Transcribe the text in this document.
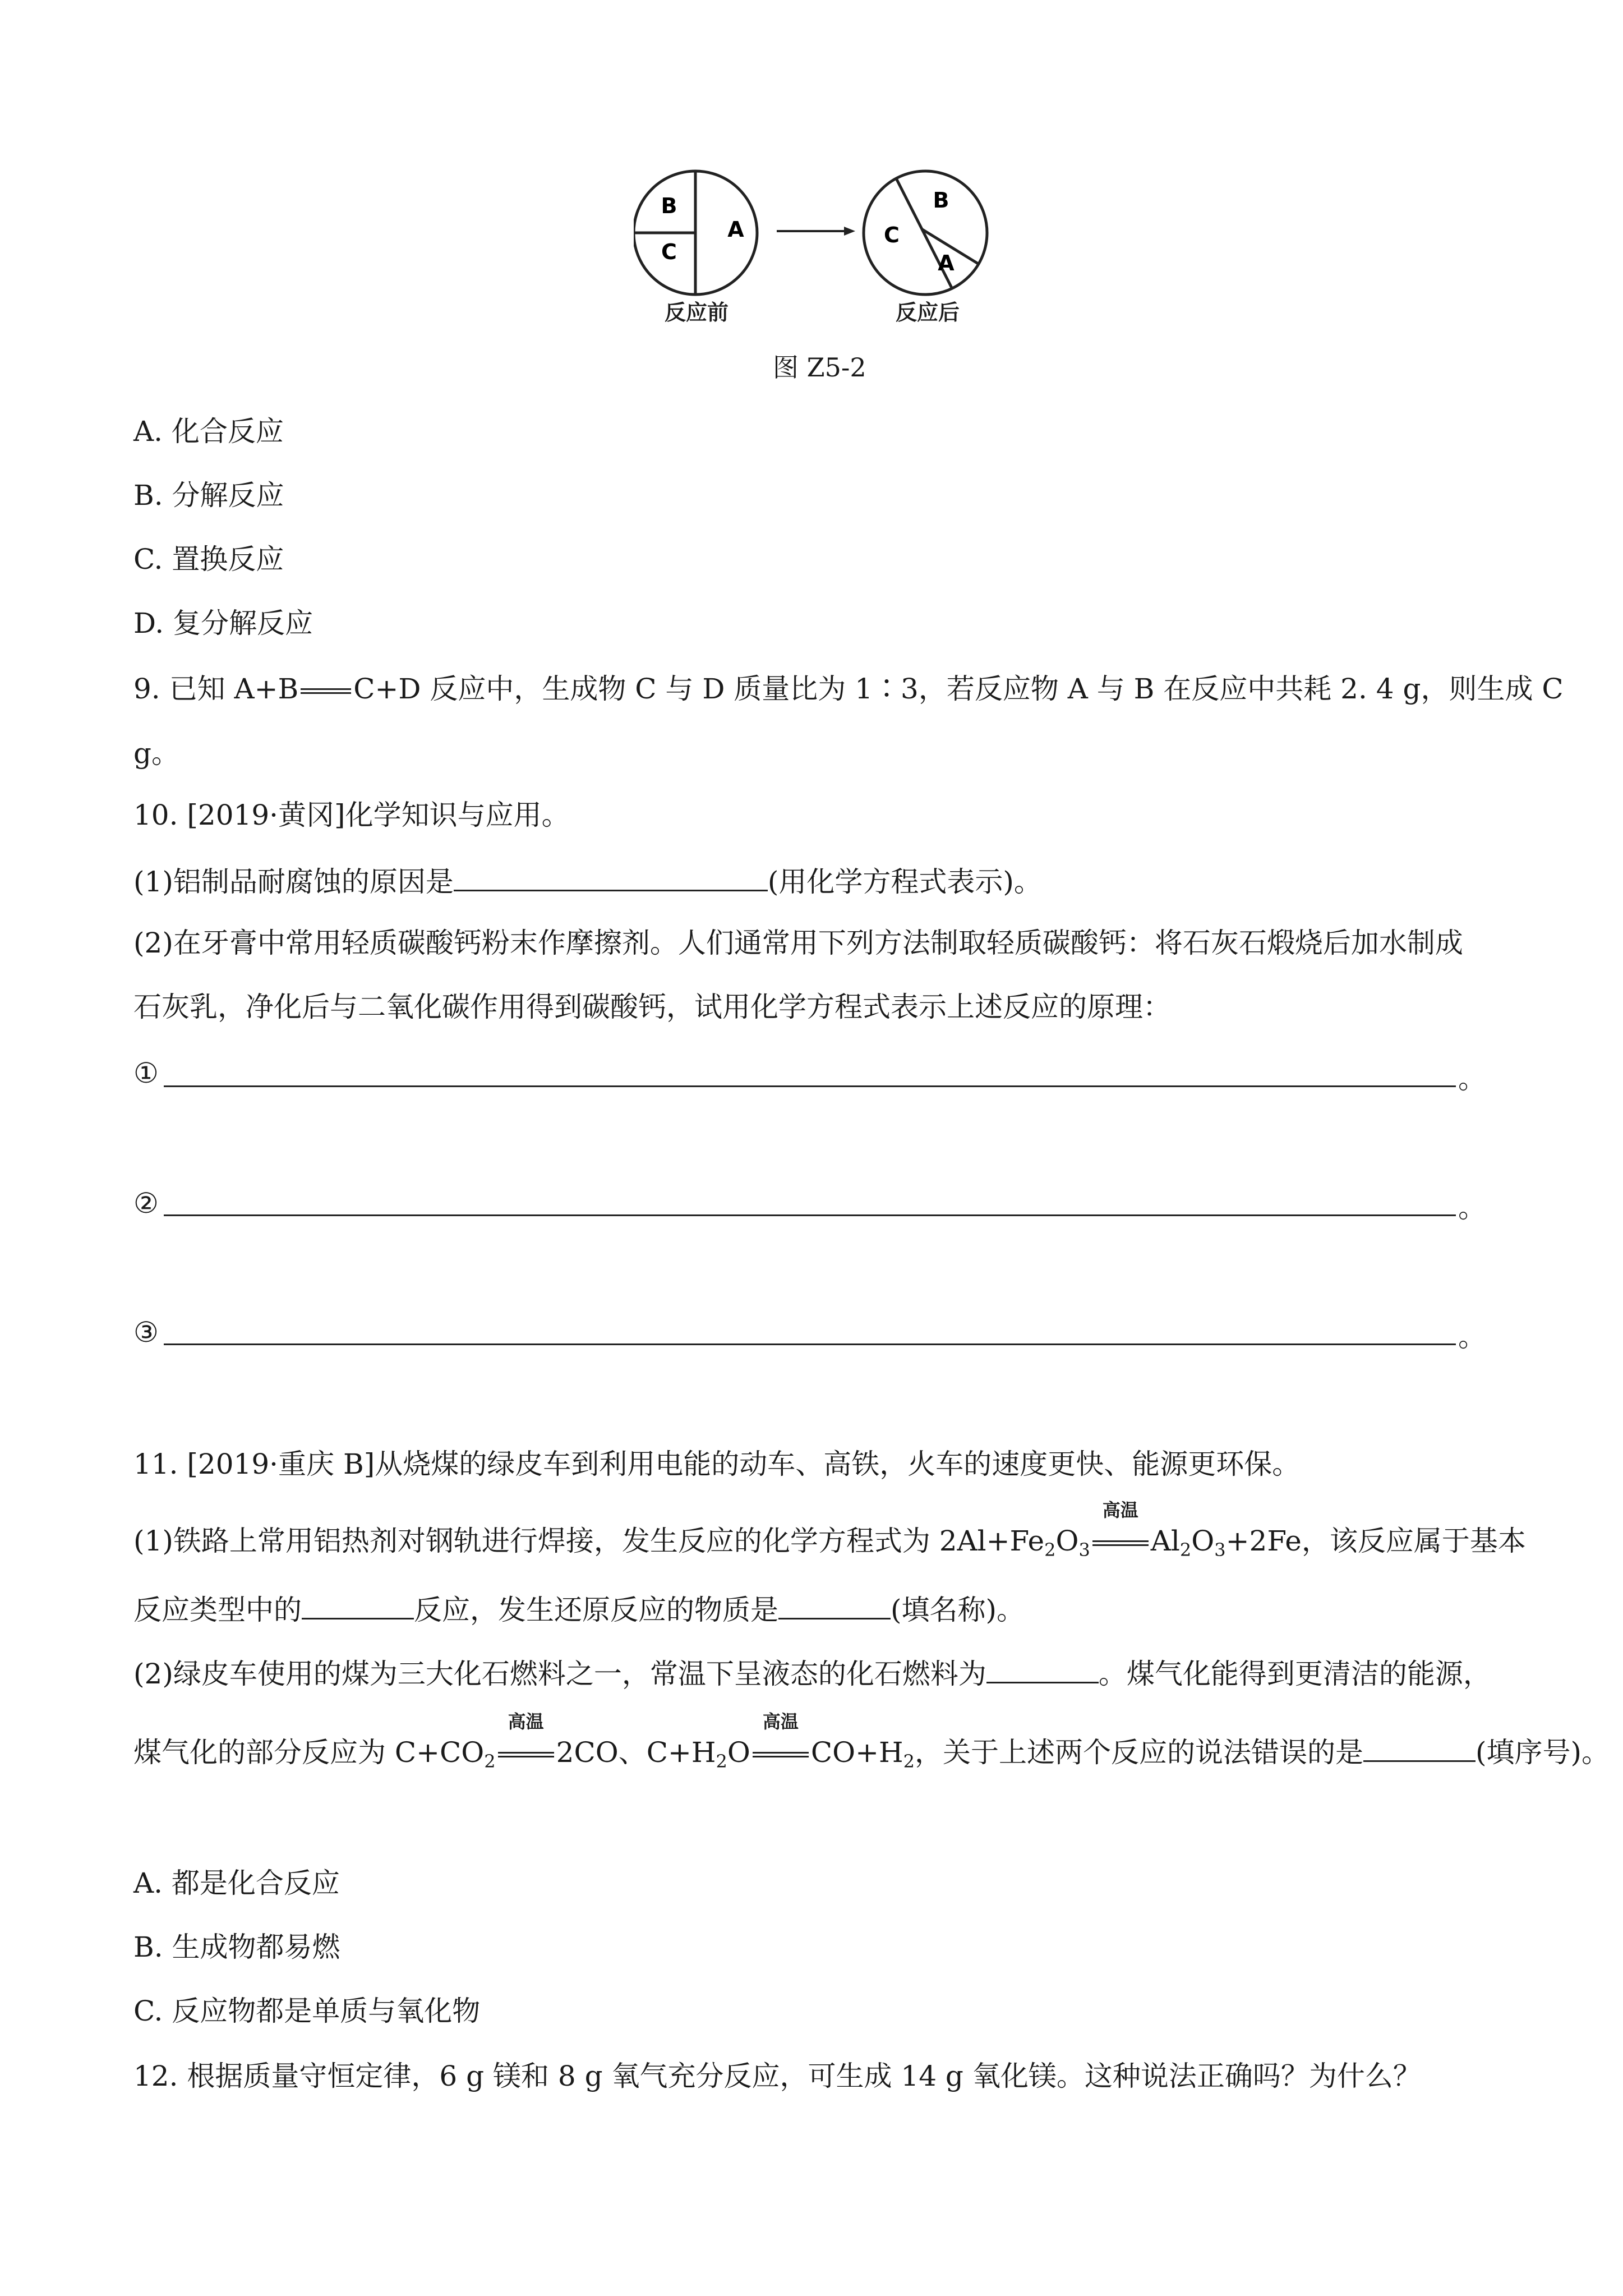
B
C
A
B
C
A
反应前	反应后
图 Z5-2
A. 化合反应
B. 分解反应
C. 置换反应
D. 复分解反应
9. 已知 A+B C+D 反应中，生成物 C 与 D 质量比为 1∶3，若反应物 A 与 B 在反应中共耗 2. 4 g，则生成 C
g。
10. [2019·黄冈]化学知识与应用。
(1)铝制品耐腐蚀的原因是	(用化学方程式表示)。
(2)在牙膏中常用轻质碳酸钙粉末作摩擦剂。人们通常用下列方法制取轻质碳酸钙：将石灰石煅烧后加水制成
石灰乳，净化后与二氧化碳作用得到碳酸钙，试用化学方程式表示上述反应的原理：
①	。
②	。
③	。
11. [2019·重庆 B]从烧煤的绿皮车到利用电能的动车、高铁，火车的速度更快、能源更环保。
(1)铁路上常用铝热剂对钢轨进行焊接，发生反应的化学方程式为 $2Al+Fe_2O_3$
高温
$Al_2O_3+2Fe$，该反应属于基本
反应类型中的	反应，发生还原反应的物质是	(填名称)。
(2)绿皮车使用的煤为三大化石燃料之一，常温下呈液态的化石燃料为	。煤气化能得到更清洁的能源，
煤气化的部分反应为 $C+CO_2$
高温
2CO、$C+H_2O$
高温
$CO+H_2$，关于上述两个反应的说法错误的是	(填序号)。
A. 都是化合反应
B. 生成物都易燃
C. 反应物都是单质与氧化物
12. 根据质量守恒定律，6 g 镁和 8 g 氧气充分反应，可生成 14 g 氧化镁。这种说法正确吗？为什么？
